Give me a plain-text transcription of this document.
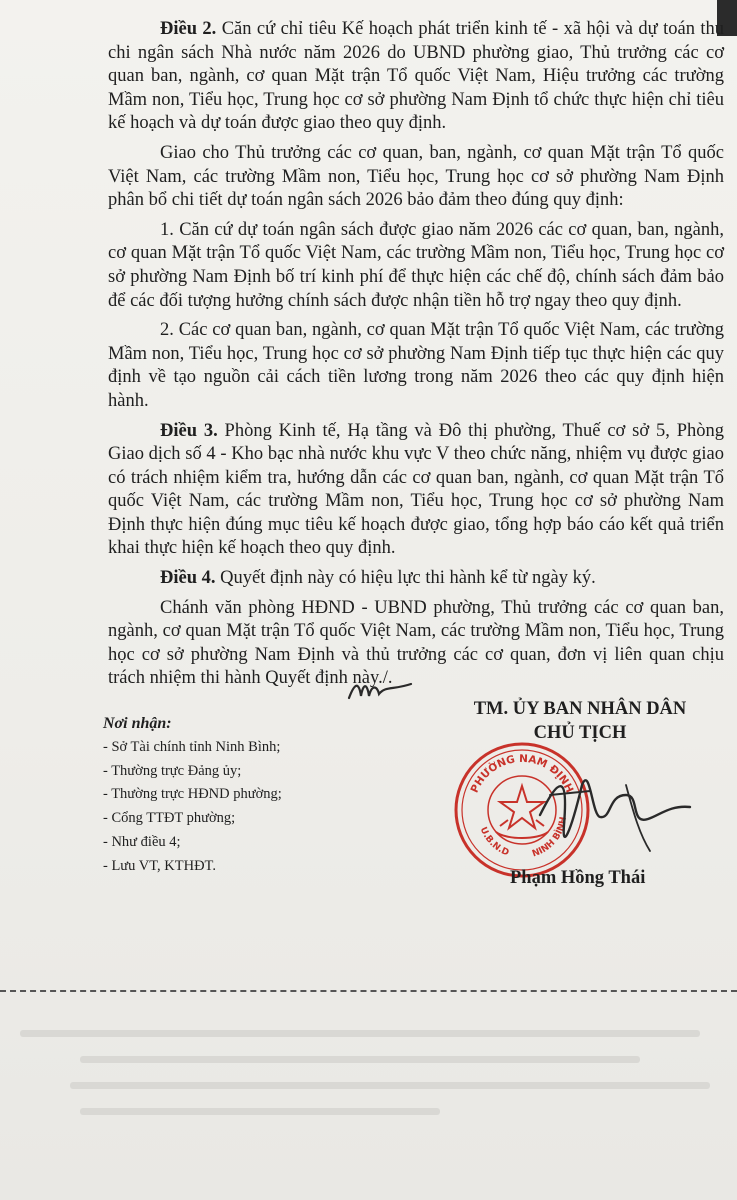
Điều 2. Căn cứ chỉ tiêu Kế hoạch phát triển kinh tế - xã hội và dự toán thu chi ngân sách Nhà nước năm 2026 do UBND phường giao, Thủ trưởng các cơ quan ban, ngành, cơ quan Mặt trận Tổ quốc Việt Nam, Hiệu trưởng các trường Mầm non, Tiểu học, Trung học cơ sở phường Nam Định tổ chức thực hiện chỉ tiêu kế hoạch và dự toán được giao theo quy định.

Giao cho Thủ trưởng các cơ quan, ban, ngành, cơ quan Mặt trận Tổ quốc Việt Nam, các trường Mầm non, Tiểu học, Trung học cơ sở phường Nam Định phân bổ chi tiết dự toán ngân sách 2026 bảo đảm theo đúng quy định:

1. Căn cứ dự toán ngân sách được giao năm 2026 các cơ quan, ban, ngành, cơ quan Mặt trận Tổ quốc Việt Nam, các trường Mầm non, Tiểu học, Trung học cơ sở phường Nam Định bố trí kinh phí để thực hiện các chế độ, chính sách đảm bảo để các đối tượng hưởng chính sách được nhận tiền hỗ trợ ngay theo quy định.

2. Các cơ quan ban, ngành, cơ quan Mặt trận Tổ quốc Việt Nam, các trường Mầm non, Tiểu học, Trung học cơ sở phường Nam Định tiếp tục thực hiện các quy định về tạo nguồn cải cách tiền lương trong năm 2026 theo các quy định hiện hành.

Điều 3. Phòng Kinh tế, Hạ tầng và Đô thị phường, Thuế cơ sở 5, Phòng Giao dịch số 4 - Kho bạc nhà nước khu vực V theo chức năng, nhiệm vụ được giao có trách nhiệm kiểm tra, hướng dẫn các cơ quan ban, ngành, cơ quan Mặt trận Tổ quốc Việt Nam, các trường Mầm non, Tiểu học, Trung học cơ sở phường Nam Định thực hiện đúng mục tiêu kế hoạch được giao, tổng hợp báo cáo kết quả triển khai thực hiện kế hoạch theo quy định.

Điều 4. Quyết định này có hiệu lực thi hành kể từ ngày ký.

Chánh văn phòng HĐND - UBND phường, Thủ trưởng các cơ quan ban, ngành, cơ quan Mặt trận Tổ quốc Việt Nam, các trường Mầm non, Tiểu học, Trung học cơ sở phường Nam Định và thủ trưởng các cơ quan, đơn vị liên quan chịu trách nhiệm thi hành Quyết định này./.

Nơi nhận:
- Sở Tài chính tỉnh Ninh Bình;
- Thường trực Đảng ủy;
- Thường trực HĐND phường;
- Cổng TTĐT phường;
- Như điều 4;
- Lưu VT, KTHĐT.
TM. ỦY BAN NHÂN DÂN
CHỦ TỊCH
PHƯỜNG NAM ĐỊNH
U.B.N.D NINH BÌNH
Phạm Hồng Thái
